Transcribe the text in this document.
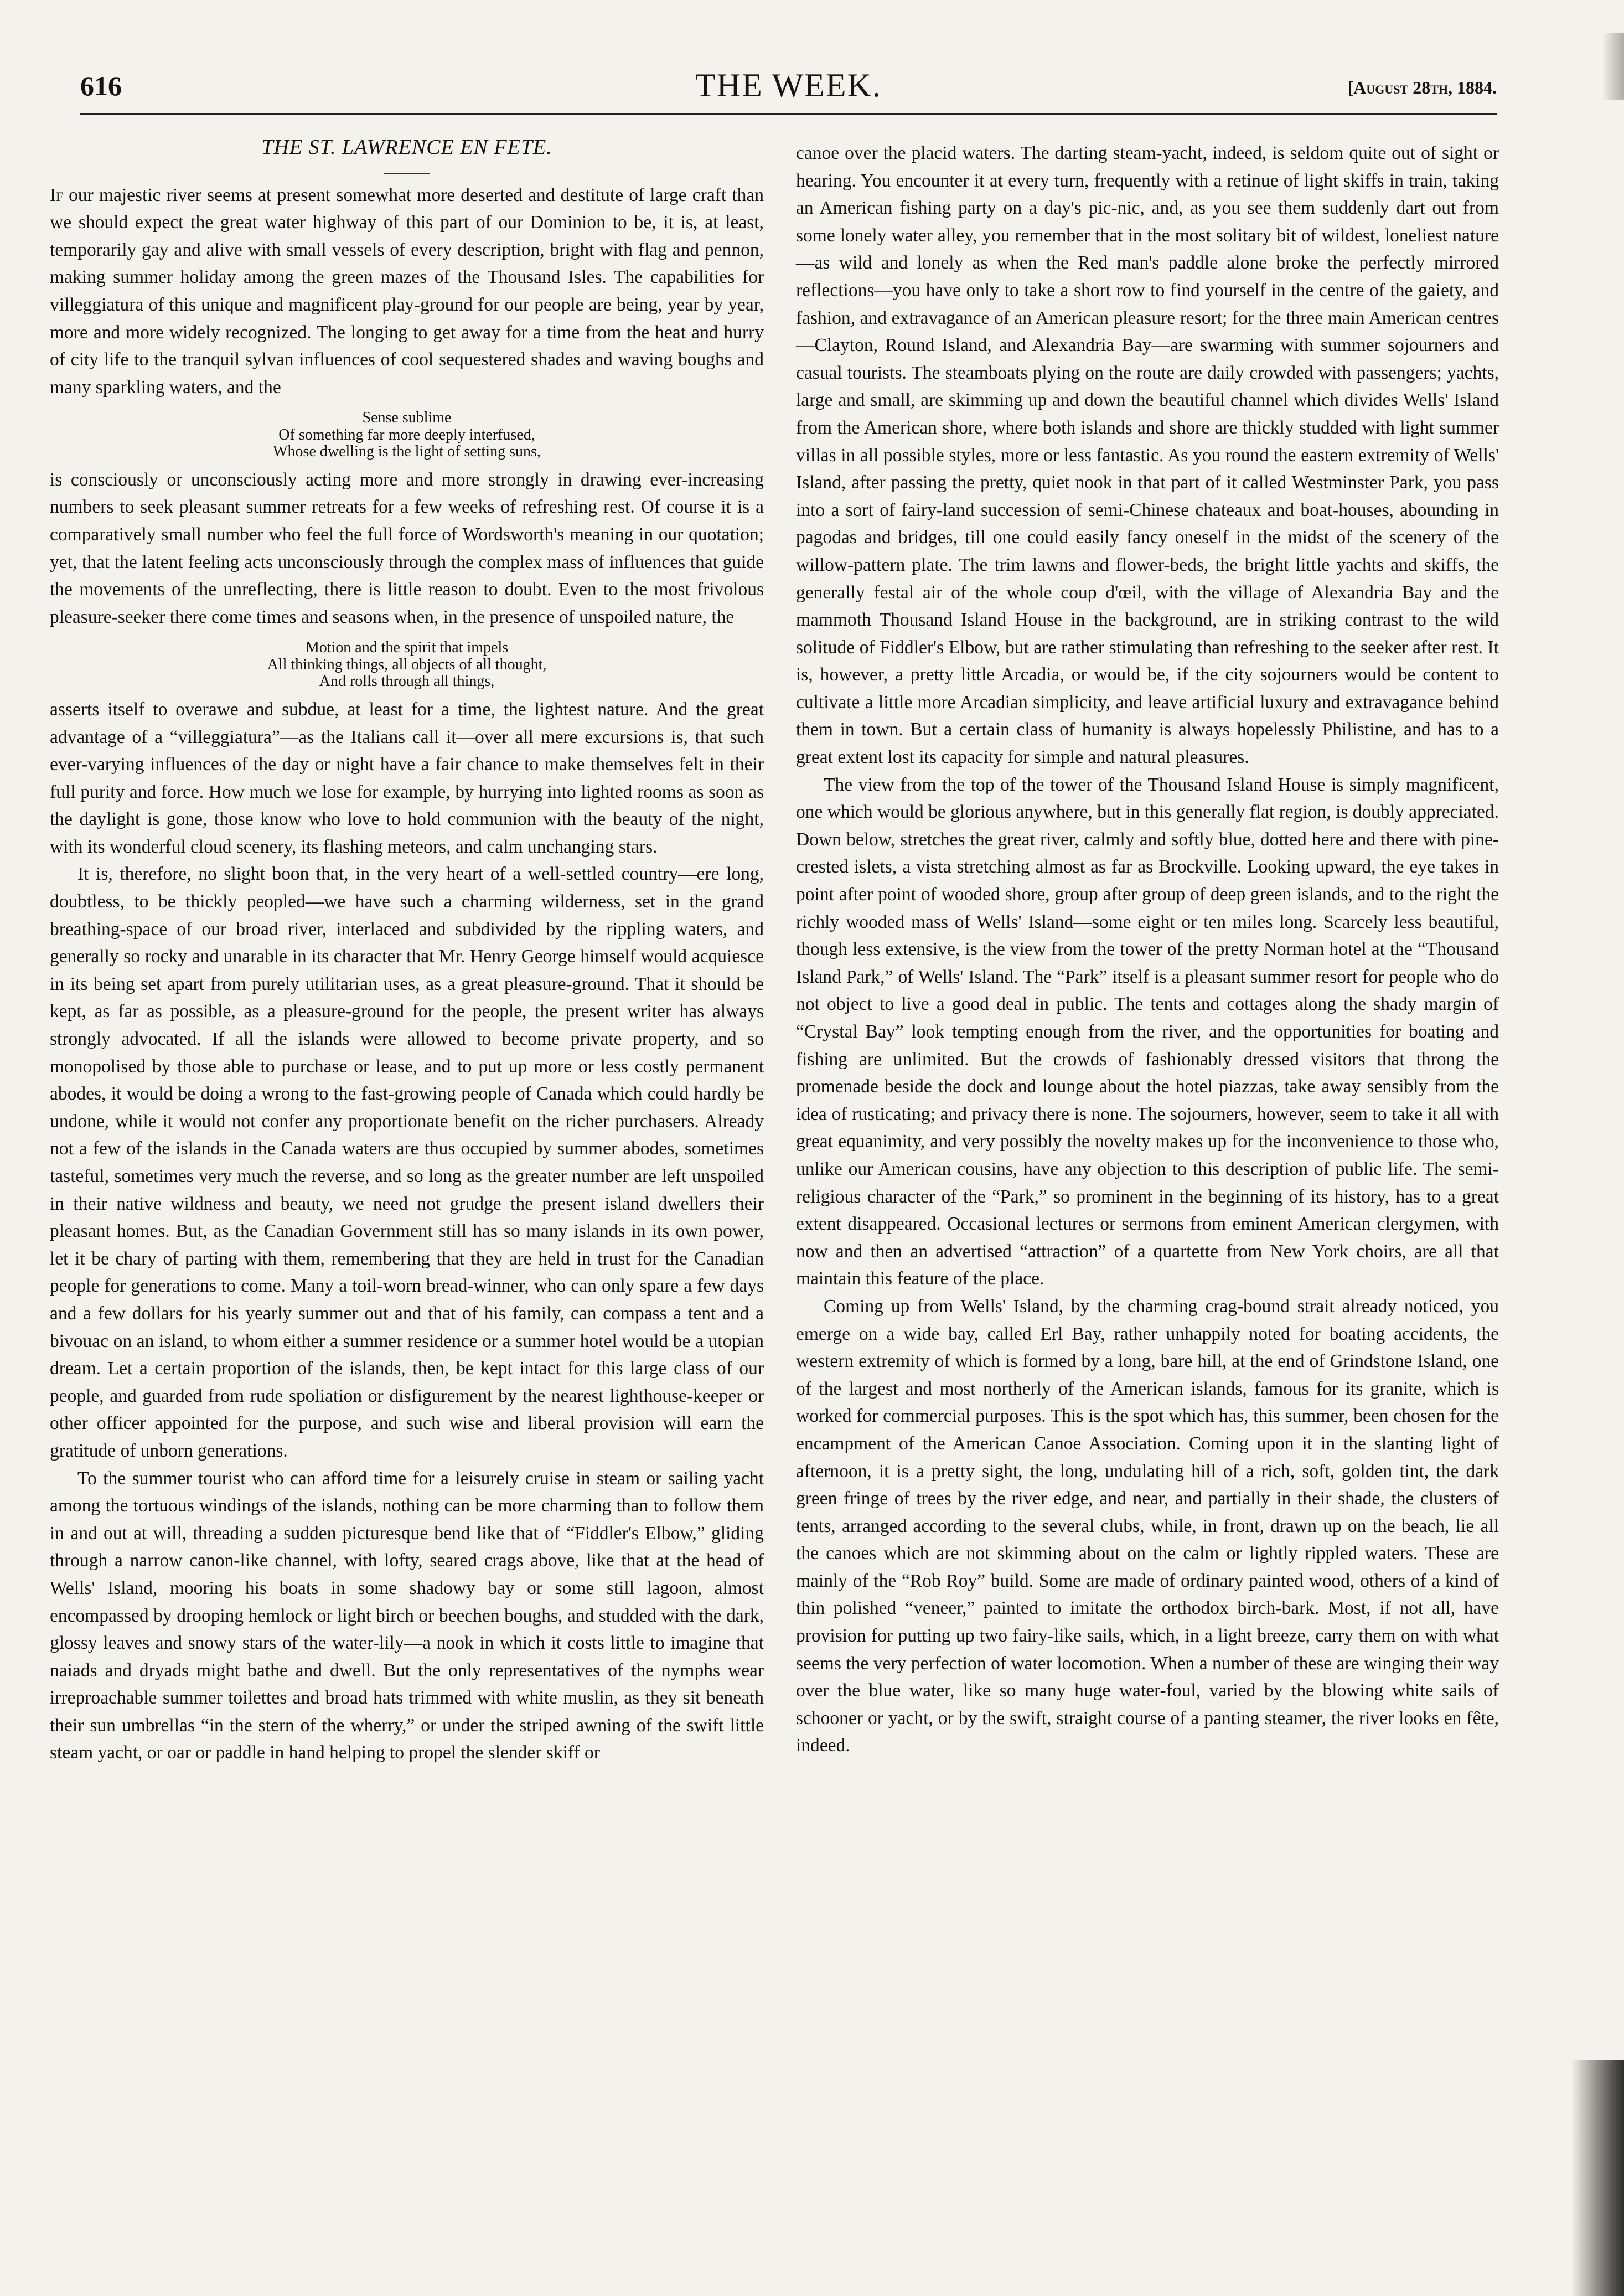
616	THE WEEK.	[August 28th, 1884.
THE ST. LAWRENCE EN FETE.

If our majestic river seems at present somewhat more deserted and destitute of large craft than we should expect the great water highway of this part of our Dominion to be, it is, at least, temporarily gay and alive with small vessels of every description, bright with flag and pennon, making summer holiday among the green mazes of the Thousand Isles. The capabilities for villeggiatura of this unique and magnificent play-ground for our people are being, year by year, more and more widely recognized. The longing to get away for a time from the heat and hurry of city life to the tranquil sylvan influences of cool sequestered shades and waving boughs and many sparkling waters, and the

Sense sublime
Of something far more deeply interfused,
Whose dwelling is the light of setting suns,

is consciously or unconsciously acting more and more strongly in drawing ever-increasing numbers to seek pleasant summer retreats for a few weeks of refreshing rest. Of course it is a comparatively small number who feel the full force of Wordsworth's meaning in our quotation; yet, that the latent feeling acts unconsciously through the complex mass of influences that guide the movements of the unreflecting, there is little reason to doubt. Even to the most frivolous pleasure-seeker there come times and seasons when, in the presence of unspoiled nature, the

Motion and the spirit that impels
All thinking things, all objects of all thought,
And rolls through all things,

asserts itself to overawe and subdue, at least for a time, the lightest nature. And the great advantage of a “villeggiatura”—as the Italians call it—over all mere excursions is, that such ever-varying influences of the day or night have a fair chance to make themselves felt in their full purity and force. How much we lose for example, by hurrying into lighted rooms as soon as the daylight is gone, those know who love to hold communion with the beauty of the night, with its wonderful cloud scenery, its flashing meteors, and calm unchanging stars.

It is, therefore, no slight boon that, in the very heart of a well-settled country—ere long, doubtless, to be thickly peopled—we have such a charming wilderness, set in the grand breathing-space of our broad river, interlaced and subdivided by the rippling waters, and generally so rocky and unarable in its character that Mr. Henry George himself would acquiesce in its being set apart from purely utilitarian uses, as a great pleasure-ground. That it should be kept, as far as possible, as a pleasure-ground for the people, the present writer has always strongly advocated. If all the islands were allowed to become private property, and so monopolised by those able to purchase or lease, and to put up more or less costly permanent abodes, it would be doing a wrong to the fast-growing people of Canada which could hardly be undone, while it would not confer any proportionate benefit on the richer purchasers. Already not a few of the islands in the Canada waters are thus occupied by summer abodes, sometimes tasteful, sometimes very much the reverse, and so long as the greater number are left unspoiled in their native wildness and beauty, we need not grudge the present island dwellers their pleasant homes. But, as the Canadian Government still has so many islands in its own power, let it be chary of parting with them, remembering that they are held in trust for the Canadian people for generations to come. Many a toil-worn bread-winner, who can only spare a few days and a few dollars for his yearly summer out and that of his family, can compass a tent and a bivouac on an island, to whom either a summer residence or a summer hotel would be a utopian dream. Let a certain proportion of the islands, then, be kept intact for this large class of our people, and guarded from rude spoliation or disfigurement by the nearest lighthouse-keeper or other officer appointed for the purpose, and such wise and liberal provision will earn the gratitude of unborn generations.

To the summer tourist who can afford time for a leisurely cruise in steam or sailing yacht among the tortuous windings of the islands, nothing can be more charming than to follow them in and out at will, threading a sudden picturesque bend like that of “Fiddler's Elbow,” gliding through a narrow canon-like channel, with lofty, seared crags above, like that at the head of Wells' Island, mooring his boats in some shadowy bay or some still lagoon, almost encompassed by drooping hemlock or light birch or beechen boughs, and studded with the dark, glossy leaves and snowy stars of the water-lily—a nook in which it costs little to imagine that naiads and dryads might bathe and dwell. But the only representatives of the nymphs wear irreproachable summer toilettes and broad hats trimmed with white muslin, as they sit beneath their sun umbrellas “in the stern of the wherry,” or under the striped awning of the swift little steam yacht, or oar or paddle in hand helping to propel the slender skiff or

canoe over the placid waters. The darting steam-yacht, indeed, is seldom quite out of sight or hearing. You encounter it at every turn, frequently with a retinue of light skiffs in train, taking an American fishing party on a day's pic-nic, and, as you see them suddenly dart out from some lonely water alley, you remember that in the most solitary bit of wildest, loneliest nature—as wild and lonely as when the Red man's paddle alone broke the perfectly mirrored reflections—you have only to take a short row to find yourself in the centre of the gaiety, and fashion, and extravagance of an American pleasure resort; for the three main American centres—Clayton, Round Island, and Alexandria Bay—are swarming with summer sojourners and casual tourists. The steamboats plying on the route are daily crowded with passengers; yachts, large and small, are skimming up and down the beautiful channel which divides Wells' Island from the American shore, where both islands and shore are thickly studded with light summer villas in all possible styles, more or less fantastic. As you round the eastern extremity of Wells' Island, after passing the pretty, quiet nook in that part of it called Westminster Park, you pass into a sort of fairy-land succession of semi-Chinese chateaux and boat-houses, abounding in pagodas and bridges, till one could easily fancy oneself in the midst of the scenery of the willow-pattern plate. The trim lawns and flower-beds, the bright little yachts and skiffs, the generally festal air of the whole coup d'œil, with the village of Alexandria Bay and the mammoth Thousand Island House in the background, are in striking contrast to the wild solitude of Fiddler's Elbow, but are rather stimulating than refreshing to the seeker after rest. It is, however, a pretty little Arcadia, or would be, if the city sojourners would be content to cultivate a little more Arcadian simplicity, and leave artificial luxury and extravagance behind them in town. But a certain class of humanity is always hopelessly Philistine, and has to a great extent lost its capacity for simple and natural pleasures.

The view from the top of the tower of the Thousand Island House is simply magnificent, one which would be glorious anywhere, but in this generally flat region, is doubly appreciated. Down below, stretches the great river, calmly and softly blue, dotted here and there with pine-crested islets, a vista stretching almost as far as Brockville. Looking upward, the eye takes in point after point of wooded shore, group after group of deep green islands, and to the right the richly wooded mass of Wells' Island—some eight or ten miles long. Scarcely less beautiful, though less extensive, is the view from the tower of the pretty Norman hotel at the “Thousand Island Park,” of Wells' Island. The “Park” itself is a pleasant summer resort for people who do not object to live a good deal in public. The tents and cottages along the shady margin of “Crystal Bay” look tempting enough from the river, and the opportunities for boating and fishing are unlimited. But the crowds of fashionably dressed visitors that throng the promenade beside the dock and lounge about the hotel piazzas, take away sensibly from the idea of rusticating; and privacy there is none. The sojourners, however, seem to take it all with great equanimity, and very possibly the novelty makes up for the inconvenience to those who, unlike our American cousins, have any objection to this description of public life. The semi-religious character of the “Park,” so prominent in the beginning of its history, has to a great extent disappeared. Occasional lectures or sermons from eminent American clergymen, with now and then an advertised “attraction” of a quartette from New York choirs, are all that maintain this feature of the place.

Coming up from Wells' Island, by the charming crag-bound strait already noticed, you emerge on a wide bay, called Erl Bay, rather unhappily noted for boating accidents, the western extremity of which is formed by a long, bare hill, at the end of Grindstone Island, one of the largest and most northerly of the American islands, famous for its granite, which is worked for commercial purposes. This is the spot which has, this summer, been chosen for the encampment of the American Canoe Association. Coming upon it in the slanting light of afternoon, it is a pretty sight, the long, undulating hill of a rich, soft, golden tint, the dark green fringe of trees by the river edge, and near, and partially in their shade, the clusters of tents, arranged according to the several clubs, while, in front, drawn up on the beach, lie all the canoes which are not skimming about on the calm or lightly rippled waters. These are mainly of the “Rob Roy” build. Some are made of ordinary painted wood, others of a kind of thin polished “veneer,” painted to imitate the orthodox birch-bark. Most, if not all, have provision for putting up two fairy-like sails, which, in a light breeze, carry them on with what seems the very perfection of water locomotion. When a number of these are winging their way over the blue water, like so many huge water-foul, varied by the blowing white sails of schooner or yacht, or by the swift, straight course of a panting steamer, the river looks en fête, indeed.
